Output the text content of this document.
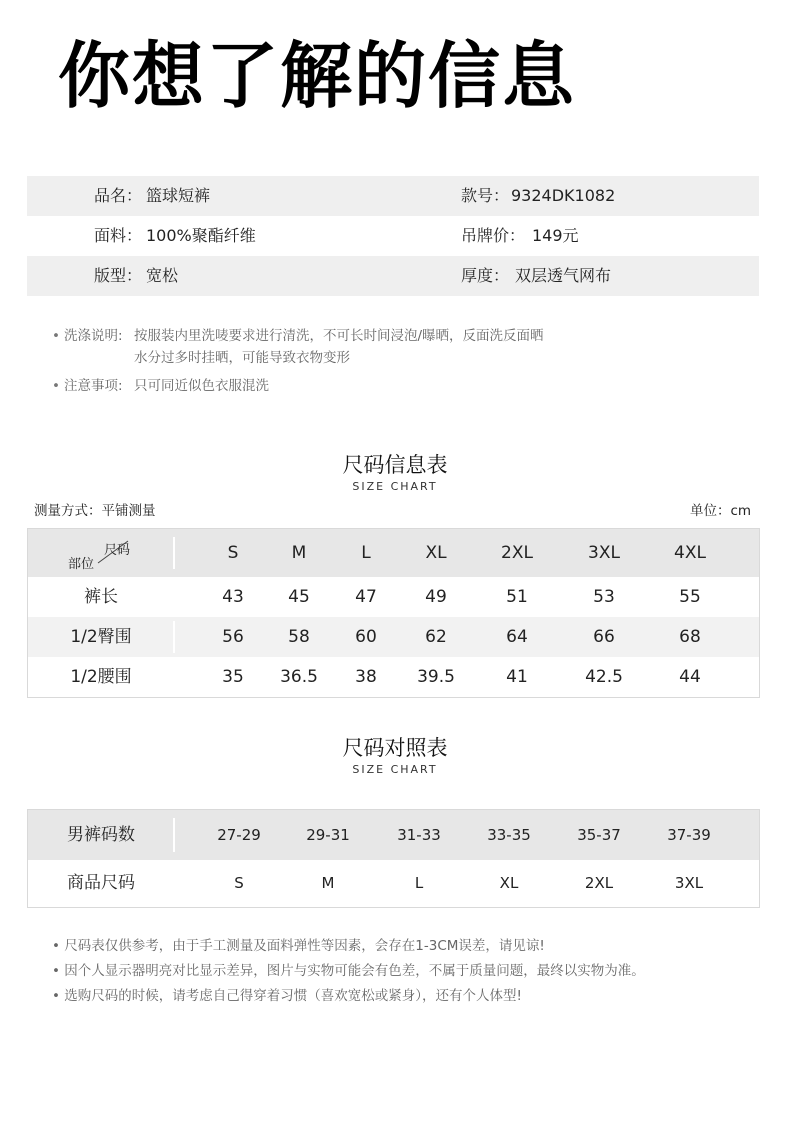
你想了解的信息
品名： 篮球短裤	款号： 9324DK1082
面料： 100%聚酯纤维	吊牌价： 149元
版型： 宽松	厚度： 双层透气网布
• 洗涤说明: 按服装内里洗唛要求进行清洗，不可长时间浸泡/曝晒，反面洗反面晒
水分过多时挂晒，可能导致衣物变形
• 注意事项: 只可同近似色衣服混洗
尺码信息表
SIZE CHART
测量方式：平铺测量	单位：cm
尺码
部位
S	M	L	XL	2XL	3XL	4XL
裤长	43	45	47	49	51	53	55
1/2臀围	56	58	60	62	64	66	68
1/2腰围	35	36.5	38	39.5	41	42.5	44
尺码对照表
SIZE CHART
男裤码数	27-29	29-31	31-33	33-35	35-37	37-39
商品尺码	S	M	L	XL	2XL	3XL
• 尺码表仅供参考，由于手工测量及面料弹性等因素，会存在1-3CM误差，请见谅!
• 因个人显示器明亮对比显示差异，图片与实物可能会有色差，不属于质量问题，最终以实物为准。
• 选购尺码的时候，请考虑自己得穿着习惯（喜欢宽松或紧身），还有个人体型!
